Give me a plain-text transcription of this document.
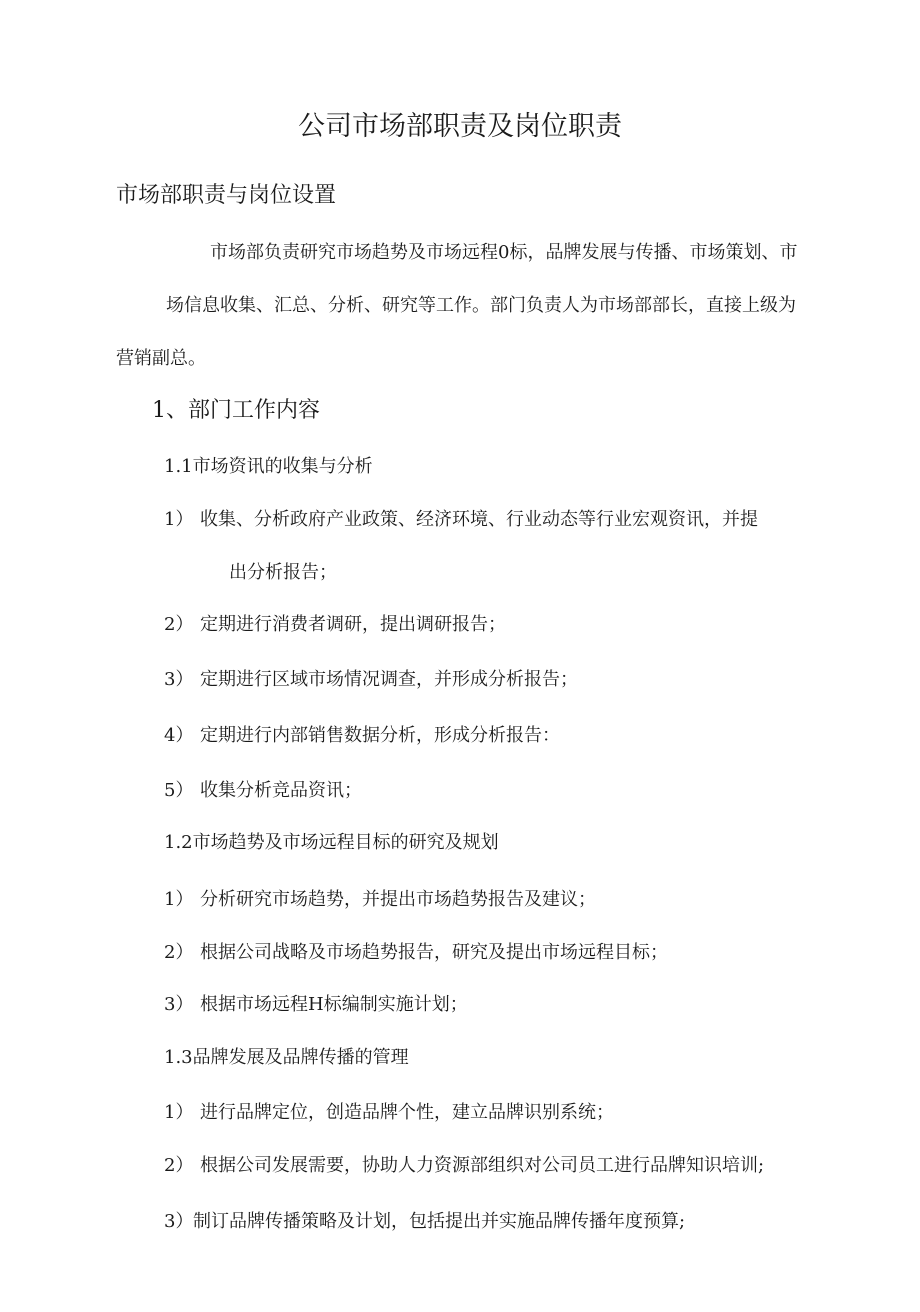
公司市场部职责及岗位职责
市场部职责与岗位设置
市场部负责研究市场趋势及市场远程0标，品牌发展与传播、市场策划、市
场信息收集、汇总、分析、研究等工作。部门负责人为市场部部长，直接上级为
营销副总。
1、部门工作内容
1.1市场资讯的收集与分析
1） 收集、分析政府产业政策、经济环境、行业动态等行业宏观资讯，并提
出分析报告；
2） 定期进行消费者调研，提出调研报告；
3） 定期进行区域市场情况调查，并形成分析报告；
4） 定期进行内部销售数据分析，形成分析报告：
5） 收集分析竞品资讯；
1.2市场趋势及市场远程目标的研究及规划
1） 分析研究市场趋势，并提出市场趋势报告及建议；
2） 根据公司战略及市场趋势报告，研究及提出市场远程目标；
3） 根据市场远程H标编制实施计划；
1.3品牌发展及品牌传播的管理
1） 进行品牌定位，创造品牌个性，建立品牌识别系统；
2） 根据公司发展需要，协助人力资源部组织对公司员工进行品牌知识培训;
3）制订品牌传播策略及计划，包括提出并实施品牌传播年度预算;
